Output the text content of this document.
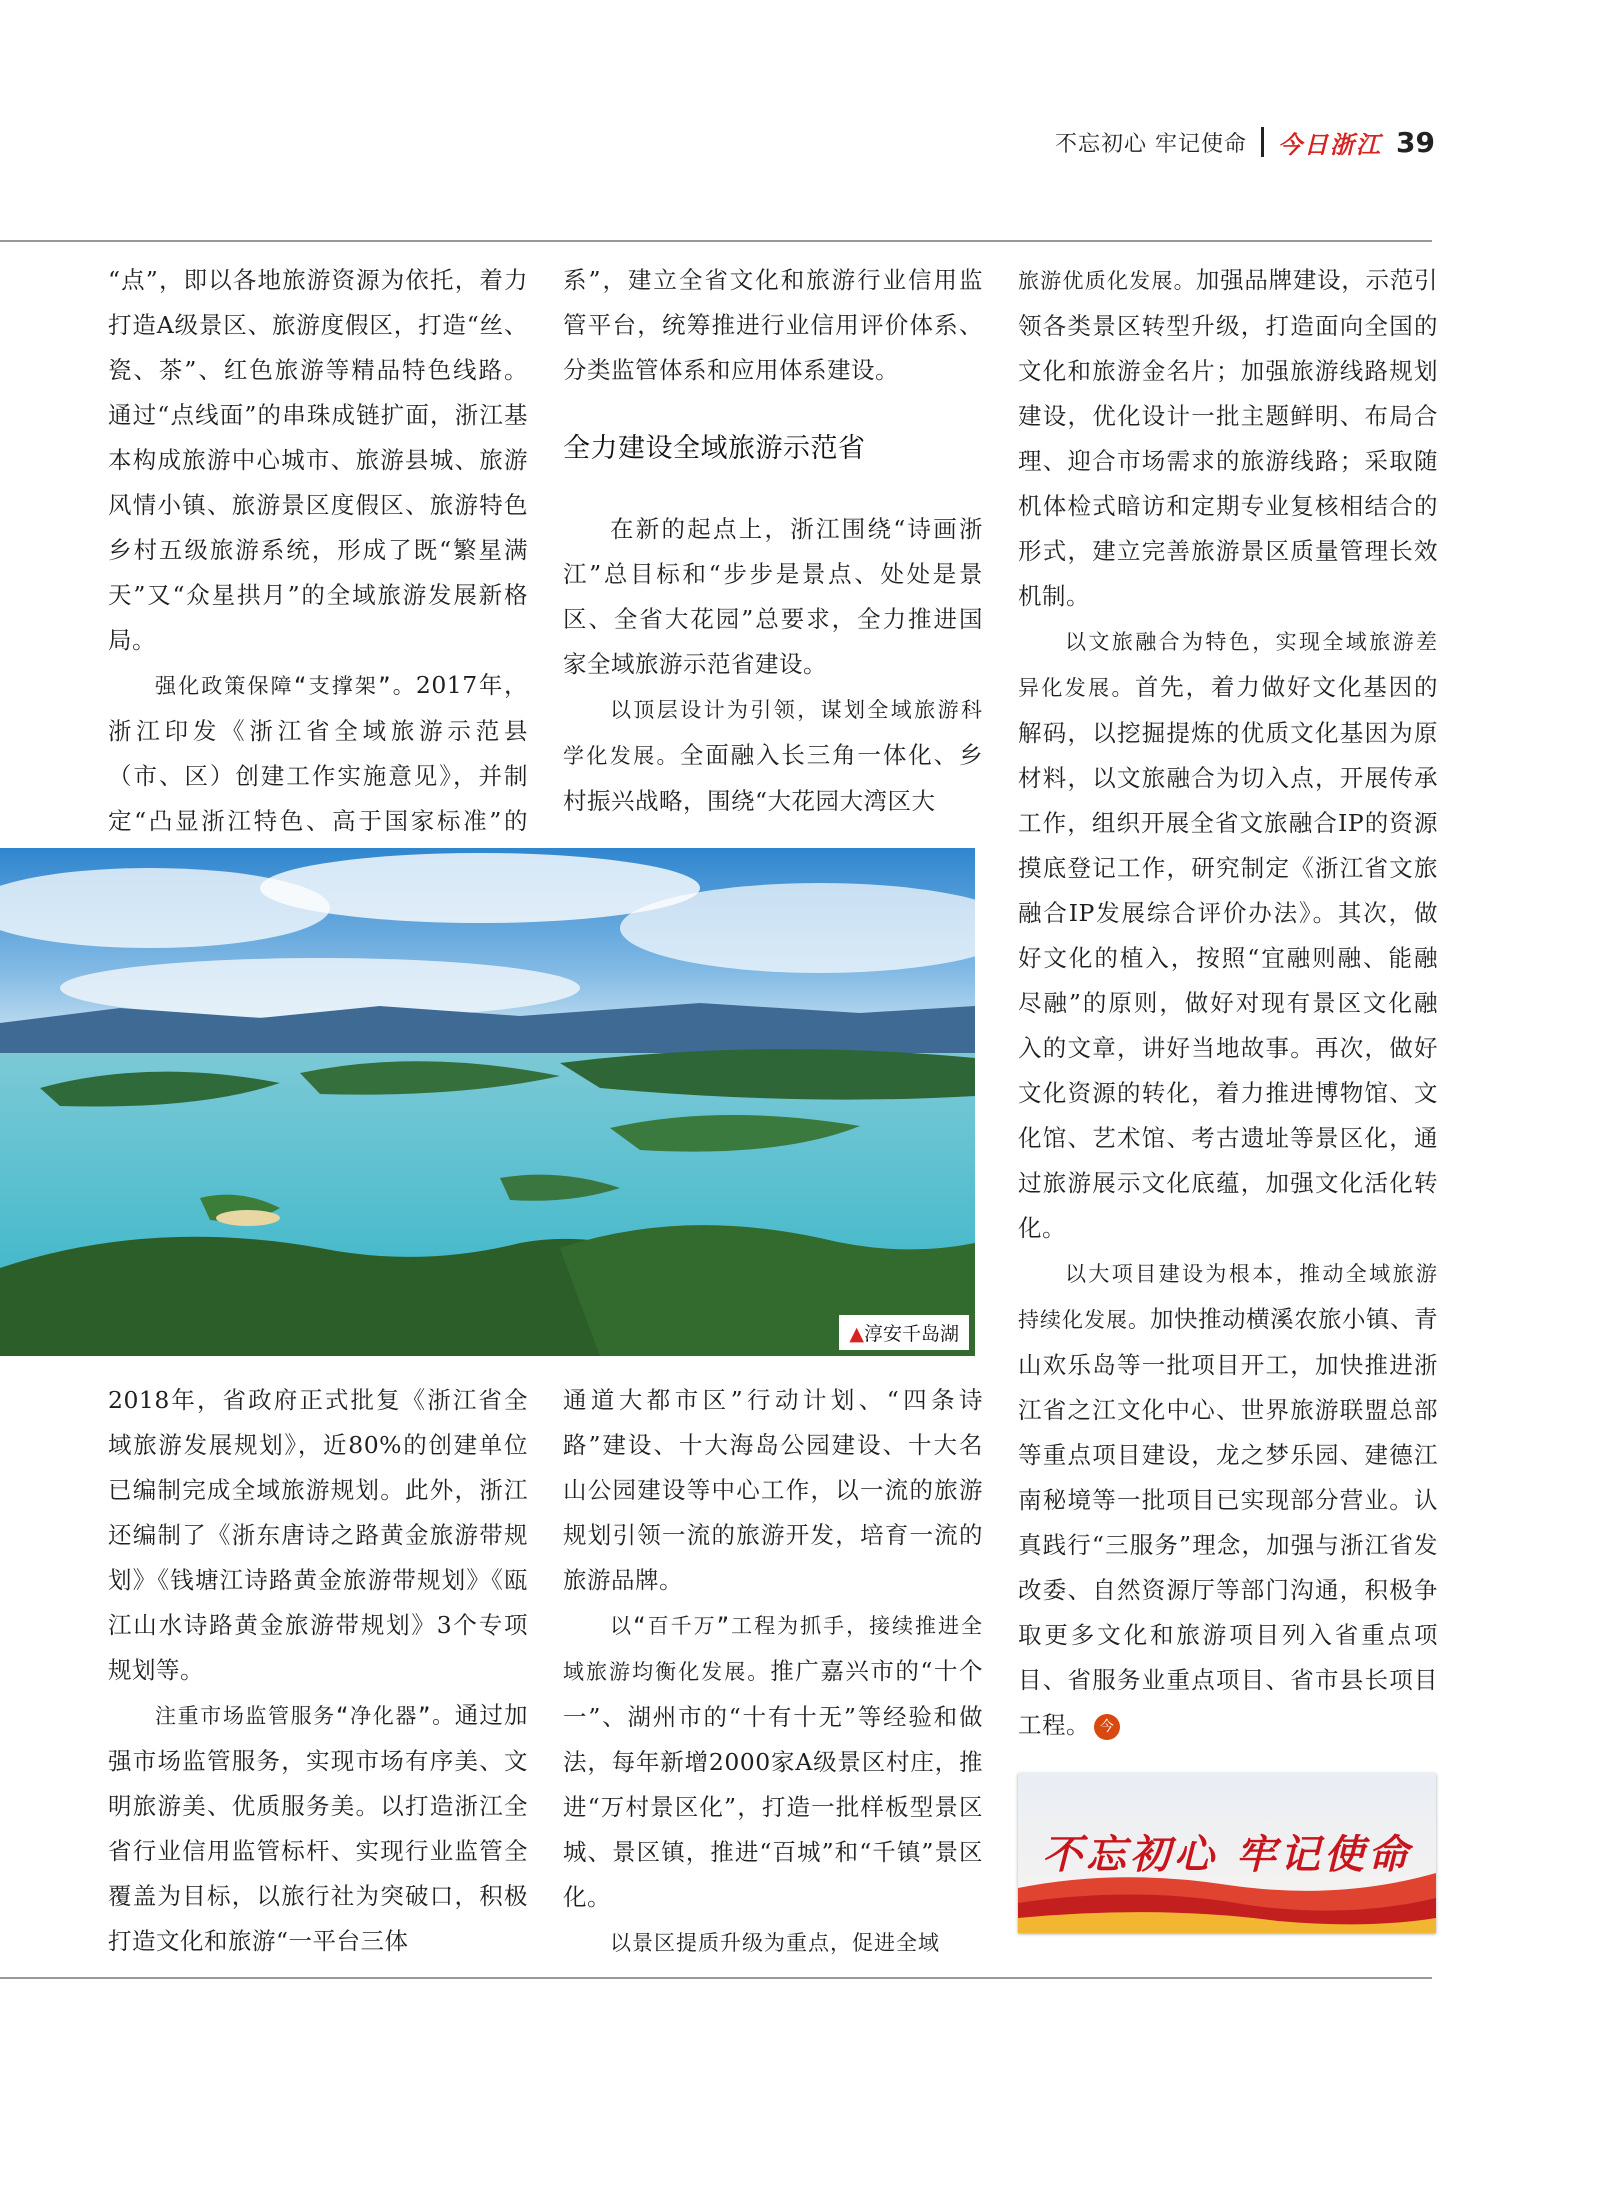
不忘初心 牢记使命 今日浙江 39

“点”，即以各地旅游资源为依托，着力打造A级景区、旅游度假区，打造“丝、瓷、茶”、红色旅游等精品特色线路。通过“点线面”的串珠成链扩面，浙江基本构成旅游中心城市、旅游县城、旅游风情小镇、旅游景区度假区、旅游特色乡村五级旅游系统，形成了既“繁星满天”又“众星拱月”的全域旅游发展新格局。

强化政策保障“支撑架”。2017年，浙江印发《浙江省全域旅游示范县（市、区）创建工作实施意见》，并制定“凸显浙江特色、高于国家标准”的

系”，建立全省文化和旅游行业信用监管平台，统筹推进行业信用评价体系、分类监管体系和应用体系建设。

全力建设全域旅游示范省

在新的起点上，浙江围绕“诗画浙江”总目标和“步步是景点、处处是景区、全省大花园”总要求，全力推进国家全域旅游示范省建设。

以顶层设计为引领，谋划全域旅游科学化发展。全面融入长三角一体化、乡村振兴战略，围绕“大花园大湾区大

▲淳安千岛湖

2018年，省政府正式批复《浙江省全域旅游发展规划》，近80%的创建单位已编制完成全域旅游规划。此外，浙江还编制了《浙东唐诗之路黄金旅游带规划》《钱塘江诗路黄金旅游带规划》《瓯江山水诗路黄金旅游带规划》3个专项规划等。

注重市场监管服务“净化器”。通过加强市场监管服务，实现市场有序美、文明旅游美、优质服务美。以打造浙江全省行业信用监管标杆、实现行业监管全覆盖为目标，以旅行社为突破口，积极打造文化和旅游“一平台三体

通道大都市区”行动计划、“四条诗路”建设、十大海岛公园建设、十大名山公园建设等中心工作，以一流的旅游规划引领一流的旅游开发，培育一流的旅游品牌。

以“百千万”工程为抓手，接续推进全域旅游均衡化发展。推广嘉兴市的“十个一”、湖州市的“十有十无”等经验和做法，每年新增2000家A级景区村庄，推进“万村景区化”，打造一批样板型景区城、景区镇，推进“百城”和“千镇”景区化。

以景区提质升级为重点，促进全域

旅游优质化发展。加强品牌建设，示范引领各类景区转型升级，打造面向全国的文化和旅游金名片；加强旅游线路规划建设，优化设计一批主题鲜明、布局合理、迎合市场需求的旅游线路；采取随机体检式暗访和定期专业复核相结合的形式，建立完善旅游景区质量管理长效机制。

以文旅融合为特色，实现全域旅游差异化发展。首先，着力做好文化基因的解码，以挖掘提炼的优质文化基因为原材料，以文旅融合为切入点，开展传承工作，组织开展全省文旅融合IP的资源摸底登记工作，研究制定《浙江省文旅融合IP发展综合评价办法》。其次，做好文化的植入，按照“宜融则融、能融尽融”的原则，做好对现有景区文化融入的文章，讲好当地故事。再次，做好文化资源的转化，着力推进博物馆、文化馆、艺术馆、考古遗址等景区化，通过旅游展示文化底蕴，加强文化活化转化。

以大项目建设为根本，推动全域旅游持续化发展。加快推动横溪农旅小镇、青山欢乐岛等一批项目开工，加快推进浙江省之江文化中心、世界旅游联盟总部等重点项目建设，龙之梦乐园、建德江南秘境等一批项目已实现部分营业。认真践行“三服务”理念，加强与浙江省发改委、自然资源厅等部门沟通，积极争取更多文化和旅游项目列入省重点项目、省服务业重点项目、省市县长项目工程。 今

不忘初心 牢记使命
